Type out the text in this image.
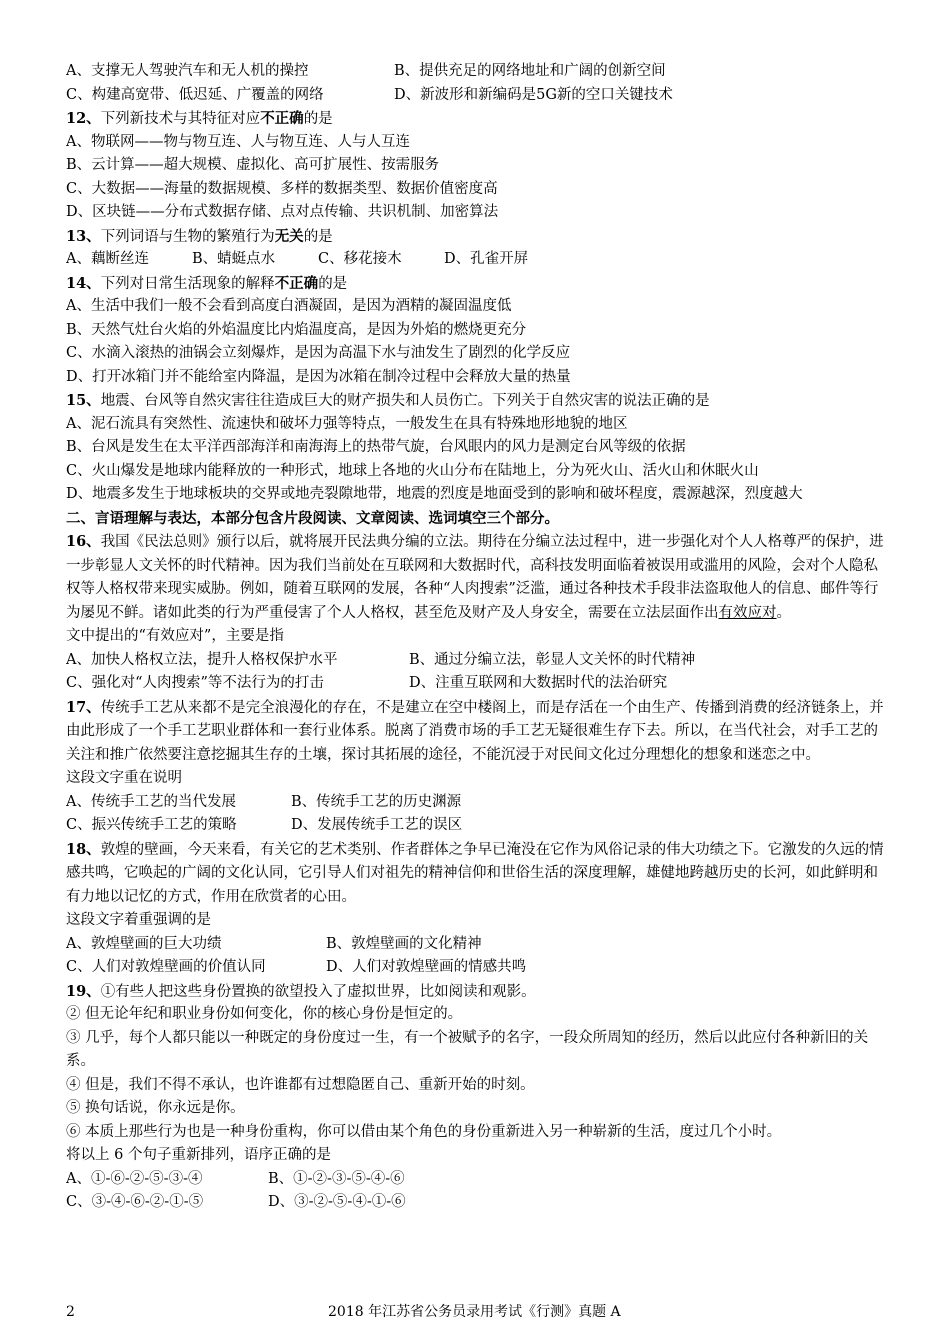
A、支撑无人驾驶汽车和无人机的操控	B、提供充足的网络地址和广阔的创新空间
C、构建高宽带、低迟延、广覆盖的网络	D、新波形和新编码是5G新的空口关键技术
12、下列新技术与其特征对应不正确的是
A、物联网——物与物互连、人与物互连、人与人互连
B、云计算——超大规模、虚拟化、高可扩展性、按需服务
C、大数据——海量的数据规模、多样的数据类型、数据价值密度高
D、区块链——分布式数据存储、点对点传输、共识机制、加密算法
13、下列词语与生物的繁殖行为无关的是
A、藕断丝连	B、蜻蜓点水	C、移花接木	D、孔雀开屏
14、下列对日常生活现象的解释不正确的是
A、生活中我们一般不会看到高度白酒凝固，是因为酒精的凝固温度低
B、天然气灶台火焰的外焰温度比内焰温度高，是因为外焰的燃烧更充分
C、水滴入滚热的油锅会立刻爆炸，是因为高温下水与油发生了剧烈的化学反应
D、打开冰箱门并不能给室内降温，是因为冰箱在制冷过程中会释放大量的热量
15、地震、台风等自然灾害往往造成巨大的财产损失和人员伤亡。下列关于自然灾害的说法正确的是
A、泥石流具有突然性、流速快和破坏力强等特点，一般发生在具有特殊地形地貌的地区
B、台风是发生在太平洋西部海洋和南海海上的热带气旋，台风眼内的风力是测定台风等级的依据
C、火山爆发是地球内能释放的一种形式，地球上各地的火山分布在陆地上，分为死火山、活火山和休眠火山
D、地震多发生于地球板块的交界或地壳裂隙地带，地震的烈度是地面受到的影响和破坏程度，震源越深，烈度越大
二、言语理解与表达，本部分包含片段阅读、文章阅读、选词填空三个部分。
16、我国《民法总则》颁行以后，就将展开民法典分编的立法。期待在分编立法过程中，进一步强化对个人人格尊严的保护，进一步彰显人文关怀的时代精神。因为我们当前处在互联网和大数据时代，高科技发明面临着被误用或滥用的风险，会对个人隐私权等人格权带来现实威胁。例如，随着互联网的发展，各种“人肉搜索”泛滥，通过各种技术手段非法盗取他人的信息、邮件等行为屡见不鲜。诸如此类的行为严重侵害了个人人格权，甚至危及财产及人身安全，需要在立法层面作出有效应对。
文中提出的“有效应对”，主要是指
A、加快人格权立法，提升人格权保护水平	B、通过分编立法，彰显人文关怀的时代精神
C、强化对“人肉搜索”等不法行为的打击	D、注重互联网和大数据时代的法治研究
17、传统手工艺从来都不是完全浪漫化的存在，不是建立在空中楼阁上，而是存活在一个由生产、传播到消费的经济链条上，并由此形成了一个手工艺职业群体和一套行业体系。脱离了消费市场的手工艺无疑很难生存下去。所以，在当代社会，对手工艺的关注和推广依然要注意挖掘其生存的土壤，探讨其拓展的途径，不能沉浸于对民间文化过分理想化的想象和迷恋之中。
这段文字重在说明
A、传统手工艺的当代发展	B、传统手工艺的历史渊源
C、振兴传统手工艺的策略	D、发展传统手工艺的误区
18、敦煌的壁画，今天来看，有关它的艺术类别、作者群体之争早已淹没在它作为风俗记录的伟大功绩之下。它激发的久远的情感共鸣，它唤起的广阔的文化认同，它引导人们对祖先的精神信仰和世俗生活的深度理解，雄健地跨越历史的长河，如此鲜明和有力地以记忆的方式，作用在欣赏者的心田。
这段文字着重强调的是
A、敦煌壁画的巨大功绩	B、敦煌壁画的文化精神
C、人们对敦煌壁画的价值认同	D、人们对敦煌壁画的情感共鸣
19、①有些人把这些身份置换的欲望投入了虚拟世界，比如阅读和观影。
② 但无论年纪和职业身份如何变化，你的核心身份是恒定的。
③ 几乎，每个人都只能以一种既定的身份度过一生，有一个被赋予的名字，一段众所周知的经历，然后以此应付各种新旧的关系。
④ 但是，我们不得不承认，也许谁都有过想隐匿自己、重新开始的时刻。
⑤ 换句话说，你永远是你。
⑥ 本质上那些行为也是一种身份重构，你可以借由某个角色的身份重新进入另一种崭新的生活，度过几个小时。
将以上 6 个句子重新排列，语序正确的是
A、①-⑥-②-⑤-③-④	B、①-②-③-⑤-④-⑥
C、③-④-⑥-②-①-⑤	D、③-②-⑤-④-①-⑥
2	2018 年江苏省公务员录用考试《行测》真题 A
